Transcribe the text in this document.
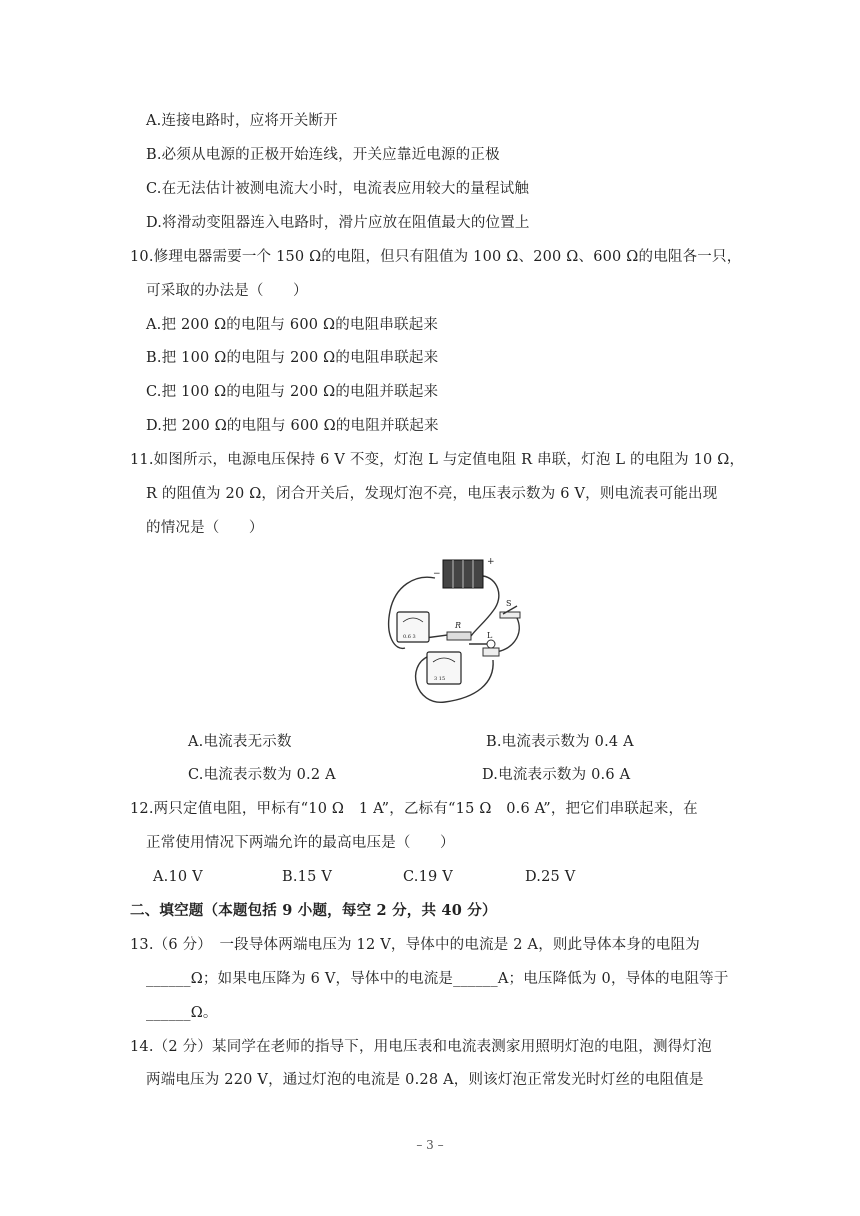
A.连接电路时，应将开关断开
B.必须从电源的正极开始连线，开关应靠近电源的正极
C.在无法估计被测电流大小时，电流表应用较大的量程试触
D.将滑动变阻器连入电路时，滑片应放在阻值最大的位置上
10.修理电器需要一个 150 Ω的电阻，但只有阻值为 100 Ω、200 Ω、600 Ω的电阻各一只，
可采取的办法是（　　）
A.把 200 Ω的电阻与 600 Ω的电阻串联起来
B.把 100 Ω的电阻与 200 Ω的电阻串联起来
C.把 100 Ω的电阻与 200 Ω的电阻并联起来
D.把 200 Ω的电阻与 600 Ω的电阻并联起来
11.如图所示，电源电压保持 6 V 不变，灯泡 L 与定值电阻 R 串联，灯泡 L 的电阻为 10 Ω，
R 的阻值为 20 Ω，闭合开关后，发现灯泡不亮，电压表示数为 6 V，则电流表可能出现
的情况是（　　）
−
+
S
R
L
0.6 3
3 15
A.电流表无示数	B.电流表示数为 0.4 A
C.电流表示数为 0.2 A	D.电流表示数为 0.6 A
12.两只定值电阻，甲标有“10 Ω　1 A”，乙标有“15 Ω　0.6 A”，把它们串联起来，在
正常使用情况下两端允许的最高电压是（　　）
A.10 V	B.15 V	C.19 V	D.25 V
二、填空题（本题包括 9 小题，每空 2 分，共 40 分）
13.（6 分）　一段导体两端电压为 12 V，导体中的电流是 2 A，则此导体本身的电阻为
______Ω；如果电压降为 6 V，导体中的电流是______A；电压降低为 0，导体的电阻等于
______Ω。
14.（2 分）某同学在老师的指导下，用电压表和电流表测家用照明灯泡的电阻，测得灯泡
两端电压为 220 V，通过灯泡的电流是 0.28 A，则该灯泡正常发光时灯丝的电阻值是
– 3 –
